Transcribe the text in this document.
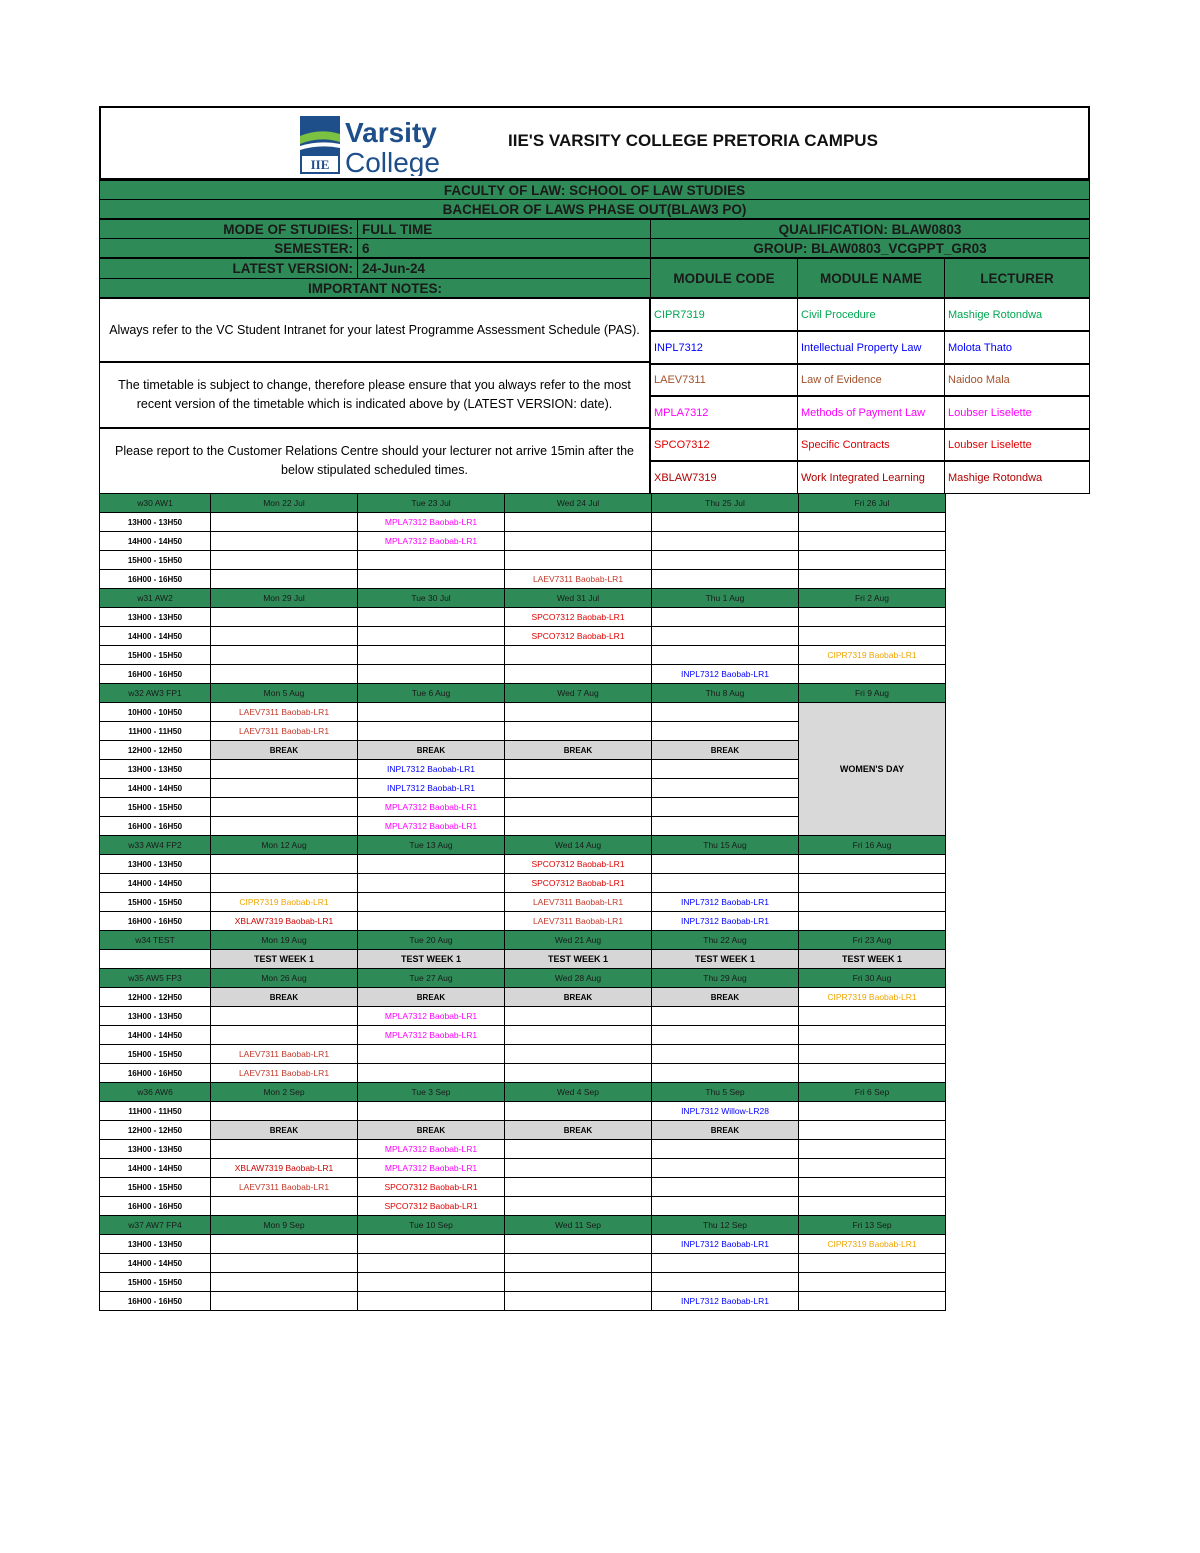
IIE
Varsity
College
IIE'S VARSITY COLLEGE PRETORIA CAMPUS
FACULTY OF LAW: SCHOOL OF LAW STUDIES
BACHELOR OF LAWS PHASE OUT(BLAW3 PO)
MODE OF STUDIES: FULL TIME	QUALIFICATION: BLAW0803
SEMESTER: 6	GROUP: BLAW0803_VCGPPT_GR03
LATEST VERSION: 24-Jun-24
IMPORTANT NOTES:
MODULE CODE	MODULE NAME	LECTURER
Always refer to the VC Student Intranet for your latest Programme Assessment Schedule (PAS).
The timetable is subject to change, therefore please ensure that you always refer to the most recent version of the timetable which is indicated above by (LATEST VERSION: date).
Please report to the Customer Relations Centre should your lecturer not arrive 15min after the below stipulated scheduled times.
CIPR7319	Civil Procedure	Mashige Rotondwa
INPL7312	Intellectual Property Law	Molota Thato
LAEV7311	Law of Evidence	Naidoo Mala
MPLA7312	Methods of Payment Law	Loubser Liselette
SPCO7312	Specific Contracts	Loubser Liselette
XBLAW7319	Work Integrated Learning	Mashige Rotondwa
w30 AW1	Mon 22 Jul	Tue 23 Jul	Wed 24 Jul	Thu 25 Jul	Fri 26 Jul
13H00 - 13H50		MPLA7312 Baobab-LR1			
14H00 - 14H50		MPLA7312 Baobab-LR1			
15H00 - 15H50					
16H00 - 16H50			LAEV7311 Baobab-LR1		
w31 AW2	Mon 29 Jul	Tue 30 Jul	Wed 31 Jul	Thu 1 Aug	Fri 2 Aug
13H00 - 13H50			SPCO7312 Baobab-LR1		
14H00 - 14H50			SPCO7312 Baobab-LR1		
15H00 - 15H50					CIPR7319 Baobab-LR1
16H00 - 16H50				INPL7312 Baobab-LR1	
w32 AW3 FP1	Mon 5 Aug	Tue 6 Aug	Wed 7 Aug	Thu 8 Aug	Fri 9 Aug
10H00 - 10H50	LAEV7311 Baobab-LR1				WOMEN'S DAY
11H00 - 11H50	LAEV7311 Baobab-LR1				
12H00 - 12H50	BREAK	BREAK	BREAK	BREAK	
13H00 - 13H50		INPL7312 Baobab-LR1			
14H00 - 14H50		INPL7312 Baobab-LR1			
15H00 - 15H50		MPLA7312 Baobab-LR1			
16H00 - 16H50		MPLA7312 Baobab-LR1			
w33 AW4 FP2	Mon 12 Aug	Tue 13 Aug	Wed 14 Aug	Thu 15 Aug	Fri 16 Aug
13H00 - 13H50			SPCO7312 Baobab-LR1		
14H00 - 14H50			SPCO7312 Baobab-LR1		
15H00 - 15H50	CIPR7319 Baobab-LR1		LAEV7311 Baobab-LR1	INPL7312 Baobab-LR1	
16H00 - 16H50	XBLAW7319 Baobab-LR1		LAEV7311 Baobab-LR1	INPL7312 Baobab-LR1	
w34 TEST	Mon 19 Aug	Tue 20 Aug	Wed 21 Aug	Thu 22 Aug	Fri 23 Aug
	TEST WEEK 1	TEST WEEK 1	TEST WEEK 1	TEST WEEK 1	TEST WEEK 1
w35 AW5 FP3	Mon 26 Aug	Tue 27 Aug	Wed 28 Aug	Thu 29 Aug	Fri 30 Aug
12H00 - 12H50	BREAK	BREAK	BREAK	BREAK	CIPR7319 Baobab-LR1
13H00 - 13H50		MPLA7312 Baobab-LR1			
14H00 - 14H50		MPLA7312 Baobab-LR1			
15H00 - 15H50	LAEV7311 Baobab-LR1				
16H00 - 16H50	LAEV7311 Baobab-LR1				
w36 AW6	Mon 2 Sep	Tue 3 Sep	Wed 4 Sep	Thu 5 Sep	Fri 6 Sep
11H00 - 11H50				INPL7312 Willow-LR28	
12H00 - 12H50	BREAK	BREAK	BREAK	BREAK	
13H00 - 13H50		MPLA7312 Baobab-LR1			
14H00 - 14H50	XBLAW7319 Baobab-LR1	MPLA7312 Baobab-LR1			
15H00 - 15H50	LAEV7311 Baobab-LR1	SPCO7312 Baobab-LR1			
16H00 - 16H50		SPCO7312 Baobab-LR1			
w37 AW7 FP4	Mon 9 Sep	Tue 10 Sep	Wed 11 Sep	Thu 12 Sep	Fri 13 Sep
13H00 - 13H50				INPL7312 Baobab-LR1	CIPR7319 Baobab-LR1
14H00 - 14H50					
15H00 - 15H50					
16H00 - 16H50				INPL7312 Baobab-LR1	
